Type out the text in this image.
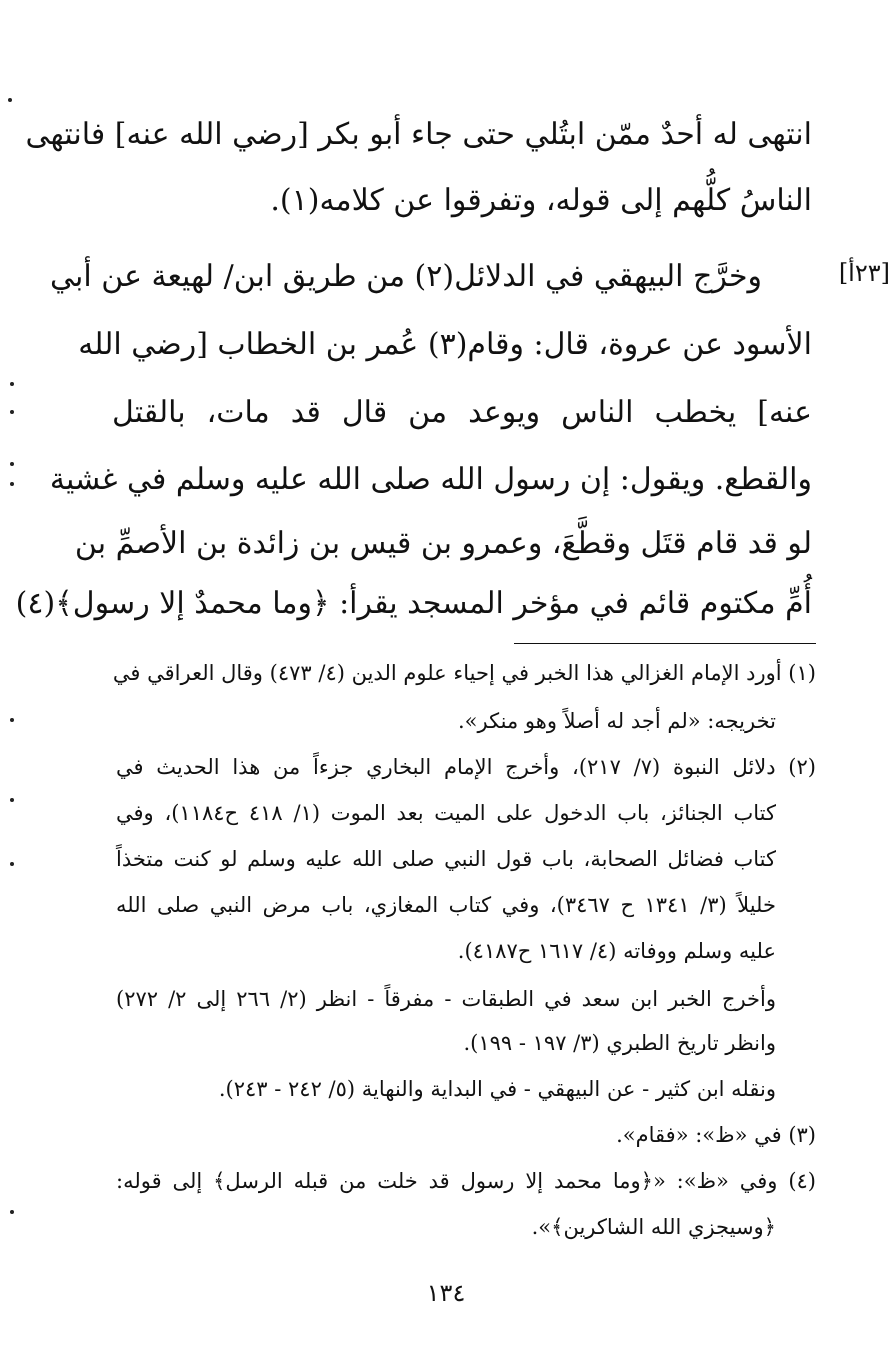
[٢٣أ]
انتهى له أحدٌ ممّن ابتُلي حتى جاء أبو بكر [رضي الله عنه] فانتهى
الناسُ كلُّهم إلى قوله، وتفرقوا عن كلامه(١).
وخرَّج البيهقي في الدلائل(٢) من طريق ابن/ لهيعة عن أبي
الأسود عن عروة، قال: وقام(٣) عُمر بن الخطاب [رضي الله
عنه] يخطب الناس ويوعد من قال قد مات، بالقتل
والقطع. ويقول: إن رسول الله صلى الله عليه وسلم في غشية
لو قد قام قتَل وقطَّعَ، وعمرو بن قيس بن زائدة بن الأصمِّ بن
أُمِّ مكتوم قائم في مؤخر المسجد يقرأ: ﴿وما محمدٌ إلا رسول﴾(٤)
(١) أورد الإمام الغزالي هذا الخبر في إحياء علوم الدين (٤/ ٤٧٣) وقال العراقي في
تخريجه: «لم أجد له أصلاً وهو منكر».
(٢) دلائل النبوة (٧/ ٢١٧)، وأخرج الإمام البخاري جزءاً من هذا الحديث في
كتاب الجنائز، باب الدخول على الميت بعد الموت (١/ ٤١٨ ح١١٨٤)، وفي
كتاب فضائل الصحابة، باب قول النبي صلى الله عليه وسلم لو كنت متخذاً
خليلاً (٣/ ١٣٤١ ح ٣٤٦٧)، وفي كتاب المغازي، باب مرض النبي صلى الله
عليه وسلم ووفاته (٤/ ١٦١٧ ح٤١٨٧).
وأخرج الخبر ابن سعد في الطبقات - مفرقاً - انظر (٢/ ٢٦٦ إلى ٢/ ٢٧٢)
وانظر تاريخ الطبري (٣/ ١٩٧ - ١٩٩).
ونقله ابن كثير - عن البيهقي - في البداية والنهاية (٥/ ٢٤٢ - ٢٤٣).
(٣) في «ظ»: «فقام».
(٤) وفي «ظ»: «﴿وما محمد إلا رسول قد خلت من قبله الرسل﴾ إلى قوله:
﴿وسيجزي الله الشاكرين﴾».
١٣٤
